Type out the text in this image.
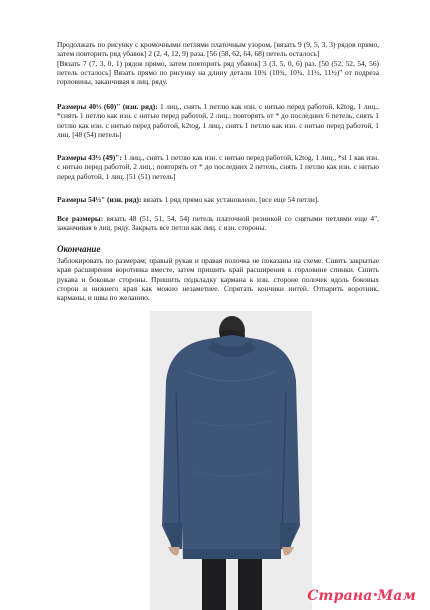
Продолжать по рисунку с кромочными петлями платочным узором, [вязать 9 (9, 5, 3, 3) рядов прямо, затем повторить ряд убавок] 2 (2, 4, 12, 9) раза. [56 (58, 62, 64, 68) петель осталось]
[Вязать 7 (7, 3, 0, 1) рядов прямо, затем повторить ряд убавок] 3 (3, 5, 0, 6) раз. [50 (52, 52, 54, 56) петель осталось] Вязать прямо по рисунку на длину детали 10¾ (10¾, 10¾, 11½, 11½)" от подреза горловины, заканчивая в лиц. ряду.

Размеры 40½ (60)" (изн. ряд): 1 лиц., снять 1 петлю как изн. с нитью перед работой, k2tog, 1 лиц., *снять 1 петлю как изн. с нитью перед работой, 2 лиц.; повторять от * до последних 6 петель, снять 1 петлю как изн. с нитью перед работой, k2tog, 1 лиц., снять 1 петлю как изн. с нитью перед работой, 1 лиц. [48 (54) петель]

Размеры 43½ (49)": 1 лиц., снять 1 петлю как изн. с нитью перед работой, k2tog, 1 лиц., *sl 1 как изн. с нитью перед работой, 2 лиц.; повторять от * до последних 2 петель, снять 1 петлю как изн. с нитью перед работой, 1 лиц. [51 (51) петель]

Размеры 54½" (изн. ряд): вязать 1 ряд прямо как установлено. [все еще 54 петли].

Все размеры: вязать 48 (51, 51, 54, 54) петель платочной резинкой со снятыми петлями еще 4", заканчивая в лиц. ряду. Закрыть все петли как лиц. с изн. стороны.

Окончание

Заблокировать по размерам; правый рукав и правая полочка не показаны на схеме. Сшить закрытые края расширения воротника вместе, затем пришить край расширения к горловине спинки. Сшить рукава и боковые стороны. Пришить подкладку кармана к изн. стороне полочек вдоль боковых сторон и нижнего края как можно незаметнее. Спрятать кончики нитей. Отпарить воротник, карманы, и швы по желанию.

Страна Мам
